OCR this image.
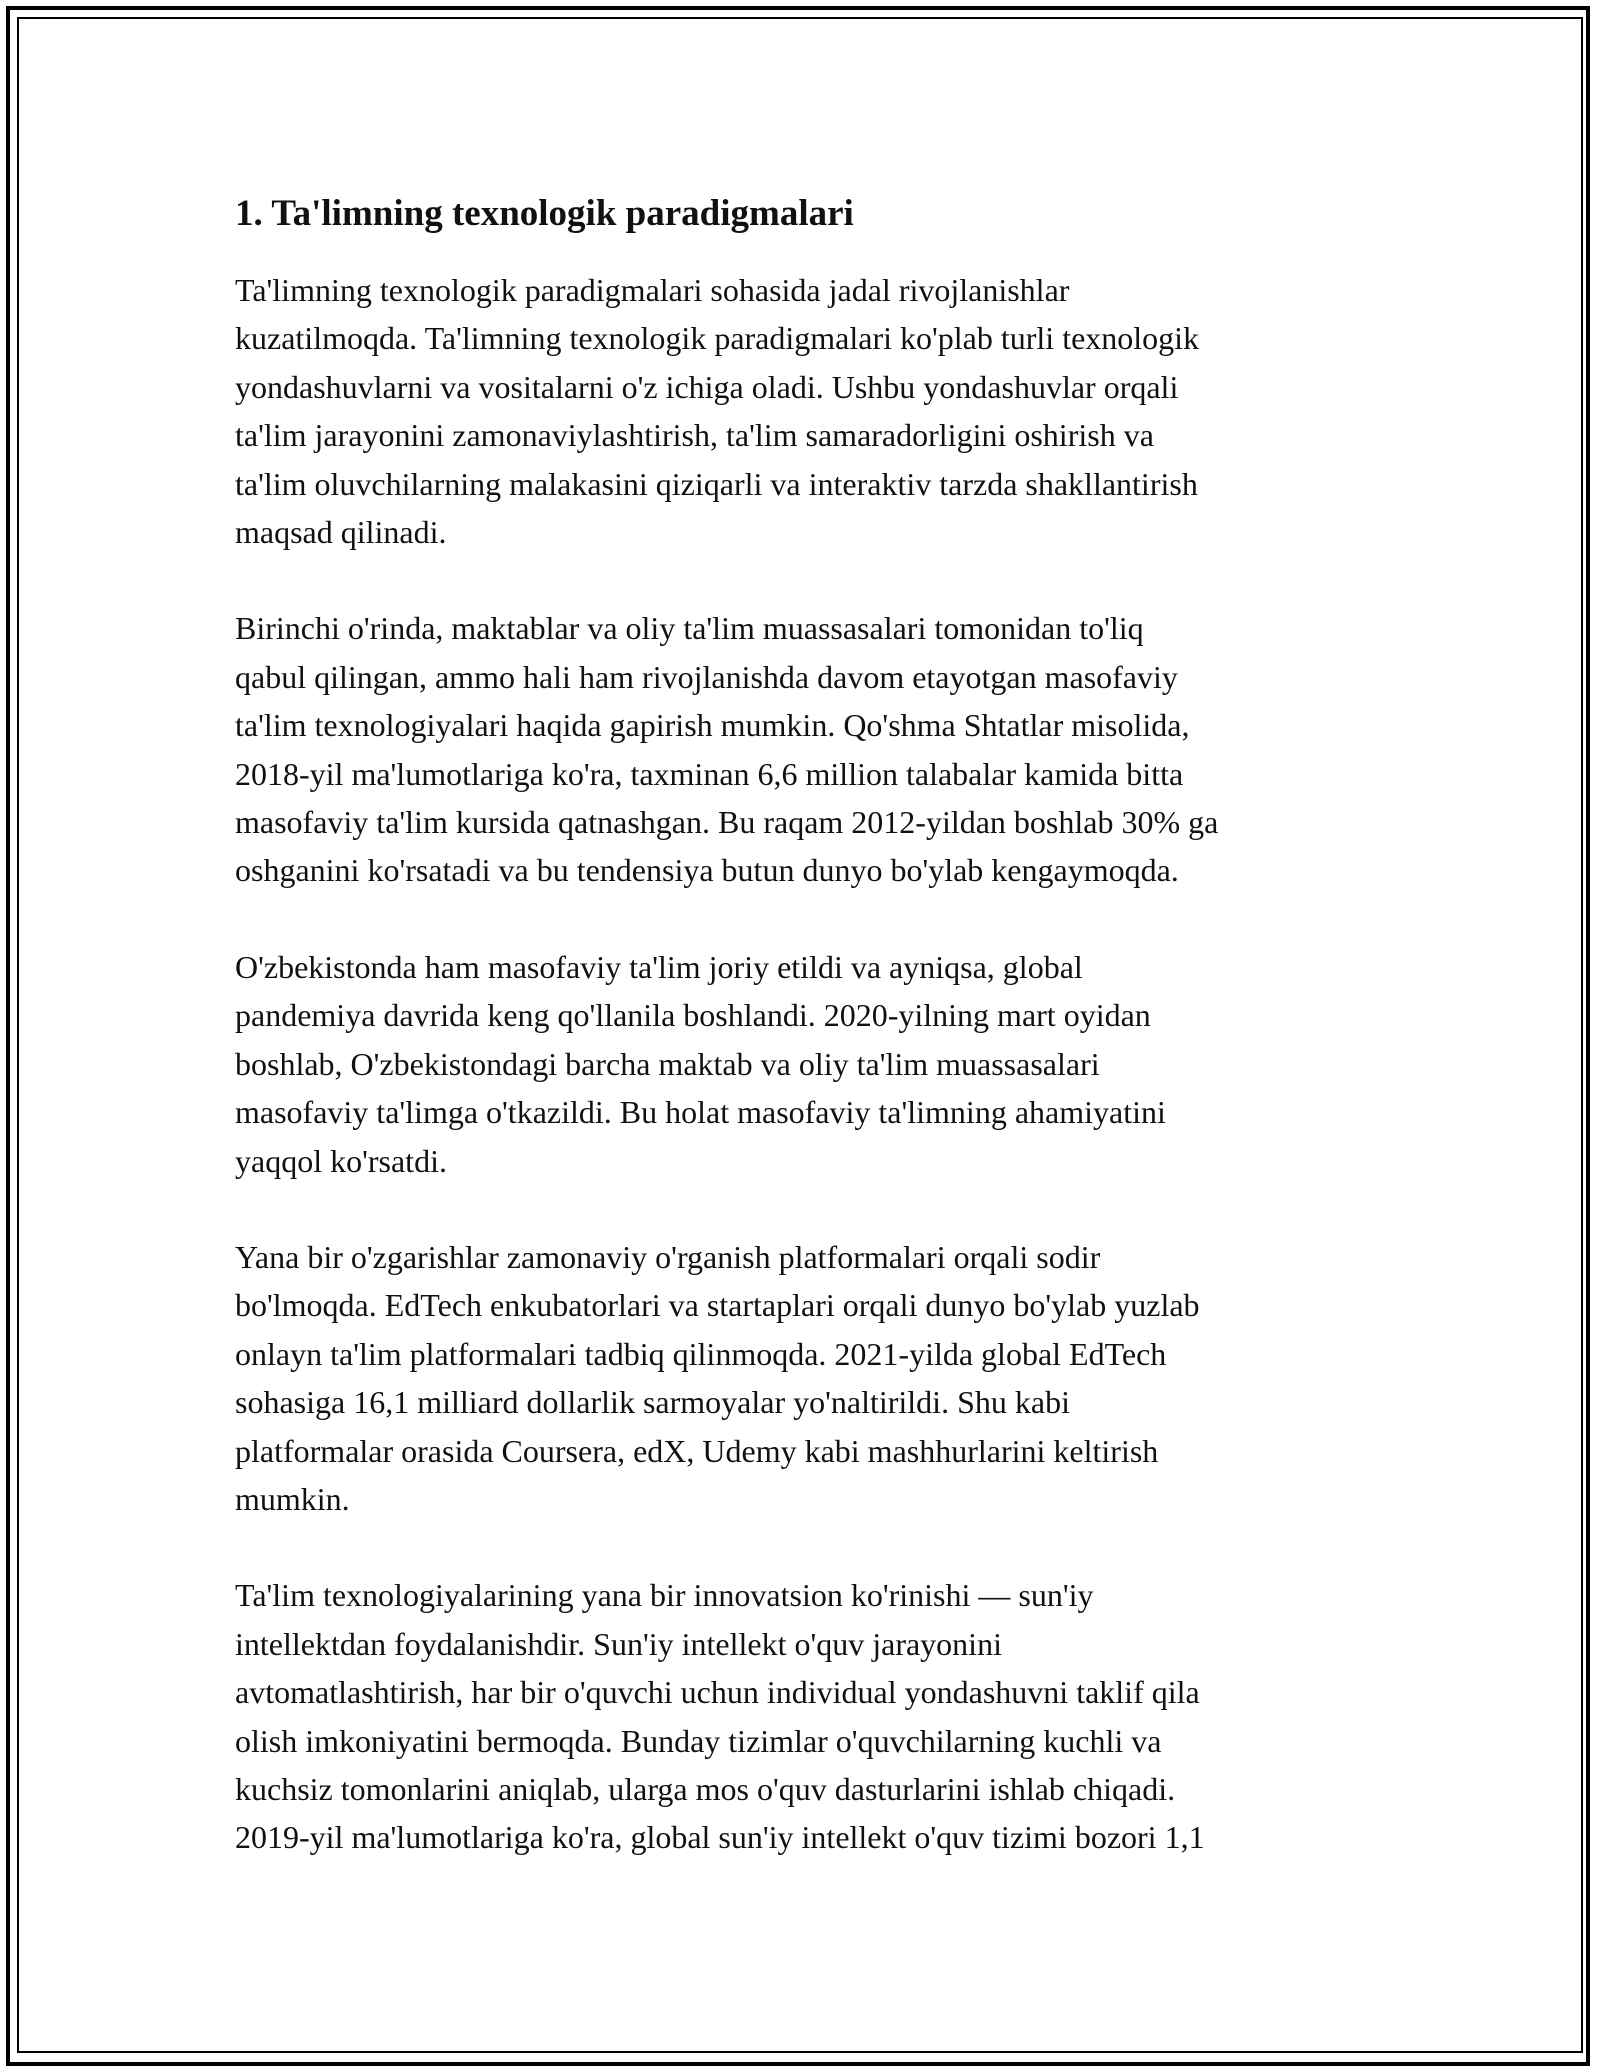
1. Ta'limning texnologik paradigmalari

Ta'limning texnologik paradigmalari sohasida jadal rivojlanishlar
kuzatilmoqda. Ta'limning texnologik paradigmalari ko'plab turli texnologik
yondashuvlarni va vositalarni o'z ichiga oladi. Ushbu yondashuvlar orqali
ta'lim jarayonini zamonaviylashtirish, ta'lim samaradorligini oshirish va
ta'lim oluvchilarning malakasini qiziqarli va interaktiv tarzda shakllantirish
maqsad qilinadi.

Birinchi o'rinda, maktablar va oliy ta'lim muassasalari tomonidan to'liq
qabul qilingan, ammo hali ham rivojlanishda davom etayotgan masofaviy
ta'lim texnologiyalari haqida gapirish mumkin. Qo'shma Shtatlar misolida,
2018-yil ma'lumotlariga ko'ra, taxminan 6,6 million talabalar kamida bitta
masofaviy ta'lim kursida qatnashgan. Bu raqam 2012-yildan boshlab 30% ga
oshganini ko'rsatadi va bu tendensiya butun dunyo bo'ylab kengaymoqda.

O'zbekistonda ham masofaviy ta'lim joriy etildi va ayniqsa, global
pandemiya davrida keng qo'llanila boshlandi. 2020-yilning mart oyidan
boshlab, O'zbekistondagi barcha maktab va oliy ta'lim muassasalari
masofaviy ta'limga o'tkazildi. Bu holat masofaviy ta'limning ahamiyatini
yaqqol ko'rsatdi.

Yana bir o'zgarishlar zamonaviy o'rganish platformalari orqali sodir
bo'lmoqda. EdTech enkubatorlari va startaplari orqali dunyo bo'ylab yuzlab
onlayn ta'lim platformalari tadbiq qilinmoqda. 2021-yilda global EdTech
sohasiga 16,1 milliard dollarlik sarmoyalar yo'naltirildi. Shu kabi
platformalar orasida Coursera, edX, Udemy kabi mashhurlarini keltirish
mumkin.

Ta'lim texnologiyalarining yana bir innovatsion ko'rinishi — sun'iy
intellektdan foydalanishdir. Sun'iy intellekt o'quv jarayonini
avtomatlashtirish, har bir o'quvchi uchun individual yondashuvni taklif qila
olish imkoniyatini bermoqda. Bunday tizimlar o'quvchilarning kuchli va
kuchsiz tomonlarini aniqlab, ularga mos o'quv dasturlarini ishlab chiqadi.
2019-yil ma'lumotlariga ko'ra, global sun'iy intellekt o'quv tizimi bozori 1,1
